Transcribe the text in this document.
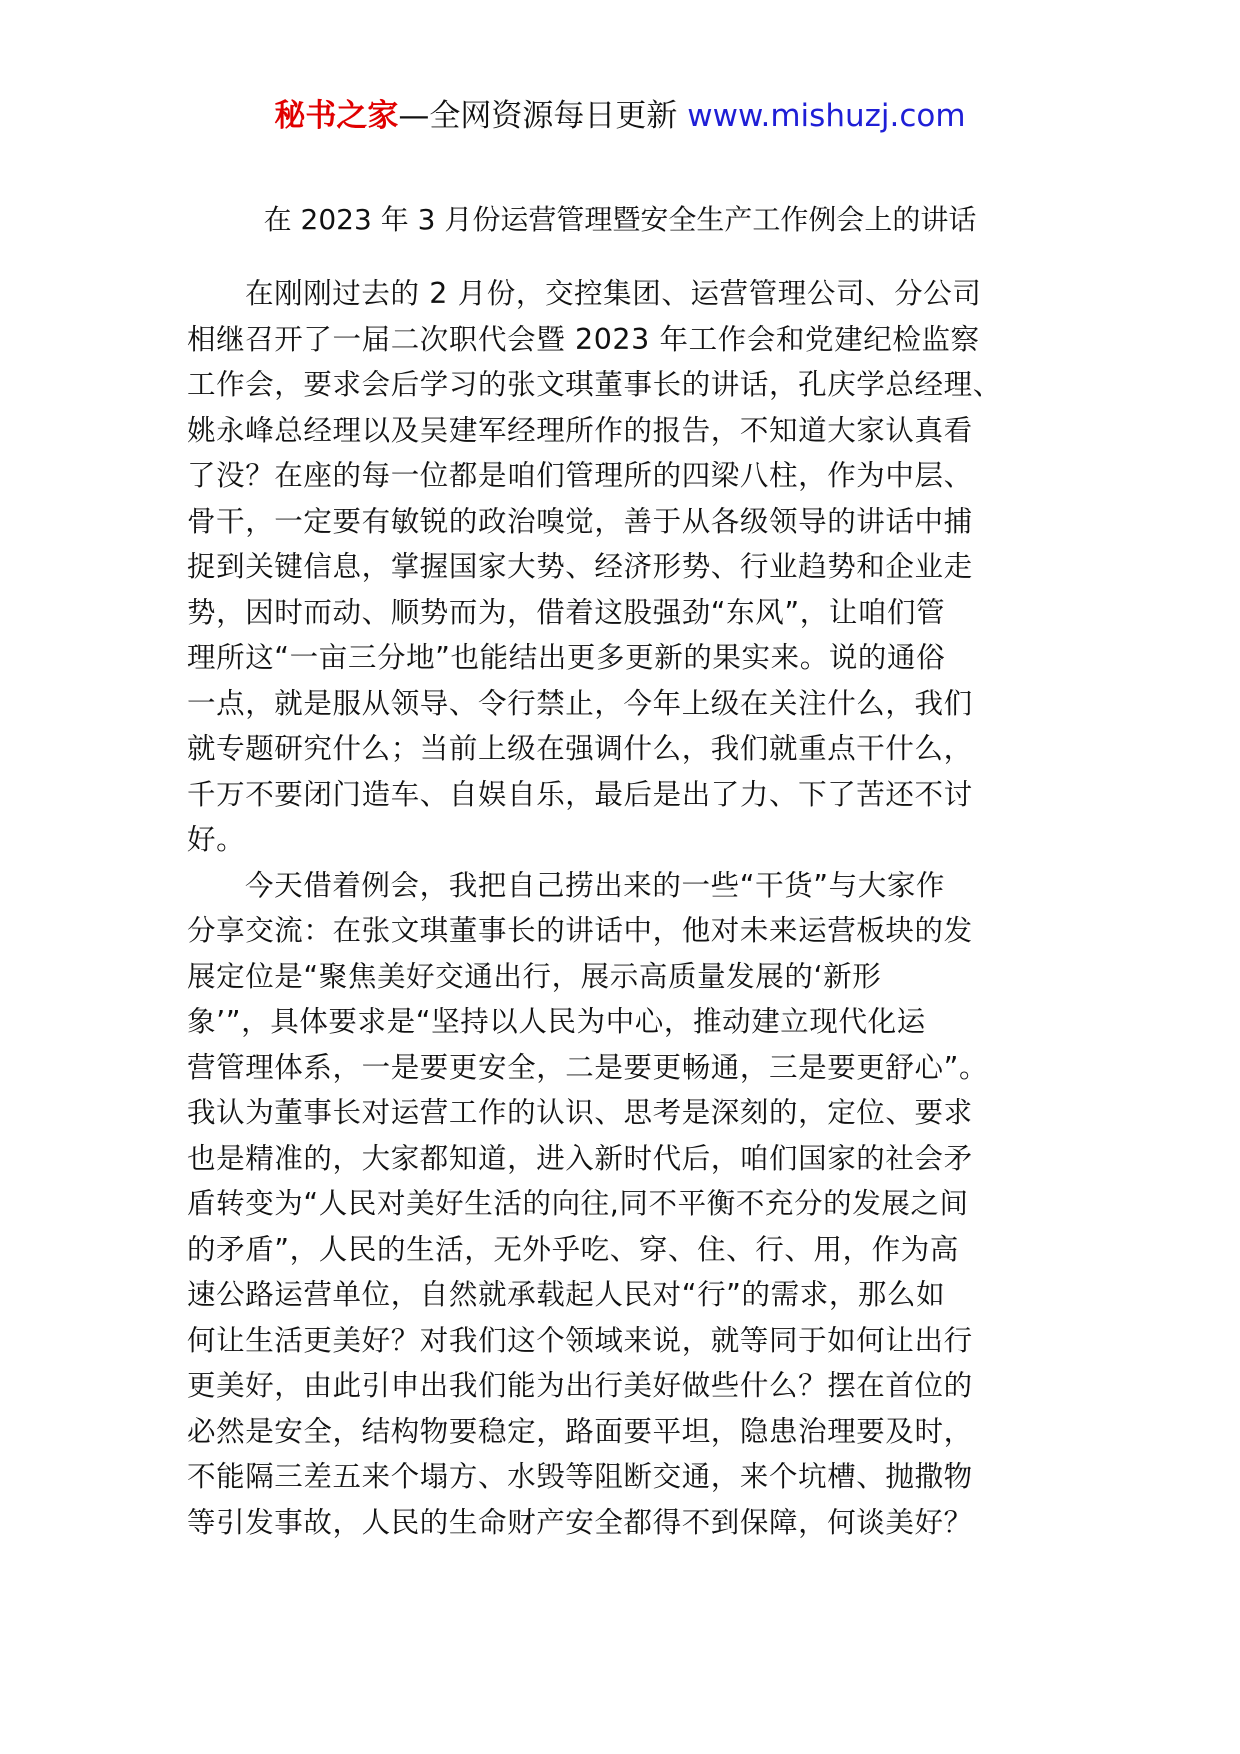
秘书之家—全网资源每日更新 www.mishuzj.com
在 2023 年 3 月份运营管理暨安全生产工作例会上的讲话
在刚刚过去的 2 月份，交控集团、运营管理公司、分公司
相继召开了一届二次职代会暨 2023 年工作会和党建纪检监察
工作会，要求会后学习的张文琪董事长的讲话，孔庆学总经理、
姚永峰总经理以及吴建军经理所作的报告，不知道大家认真看
了没？在座的每一位都是咱们管理所的四梁八柱，作为中层、
骨干，一定要有敏锐的政治嗅觉，善于从各级领导的讲话中捕
捉到关键信息，掌握国家大势、经济形势、行业趋势和企业走
势，因时而动、顺势而为，借着这股强劲“东风”，让咱们管
理所这“一亩三分地”也能结出更多更新的果实来。说的通俗
一点，就是服从领导、令行禁止，今年上级在关注什么，我们
就专题研究什么；当前上级在强调什么，我们就重点干什么，
千万不要闭门造车、自娱自乐，最后是出了力、下了苦还不讨
好。
今天借着例会，我把自己捞出来的一些“干货”与大家作
分享交流：在张文琪董事长的讲话中，他对未来运营板块的发
展定位是“聚焦美好交通出行，展示高质量发展的‘新形
象’”，具体要求是“坚持以人民为中心，推动建立现代化运
营管理体系，一是要更安全，二是要更畅通，三是要更舒心”。
我认为董事长对运营工作的认识、思考是深刻的，定位、要求
也是精准的，大家都知道，进入新时代后，咱们国家的社会矛
盾转变为“人民对美好生活的向往,同不平衡不充分的发展之间
的矛盾”，人民的生活，无外乎吃、穿、住、行、用，作为高
速公路运营单位，自然就承载起人民对“行”的需求，那么如
何让生活更美好？对我们这个领域来说，就等同于如何让出行
更美好，由此引申出我们能为出行美好做些什么？摆在首位的
必然是安全，结构物要稳定，路面要平坦，隐患治理要及时，
不能隔三差五来个塌方、水毁等阻断交通，来个坑槽、抛撒物
等引发事故，人民的生命财产安全都得不到保障，何谈美好？
